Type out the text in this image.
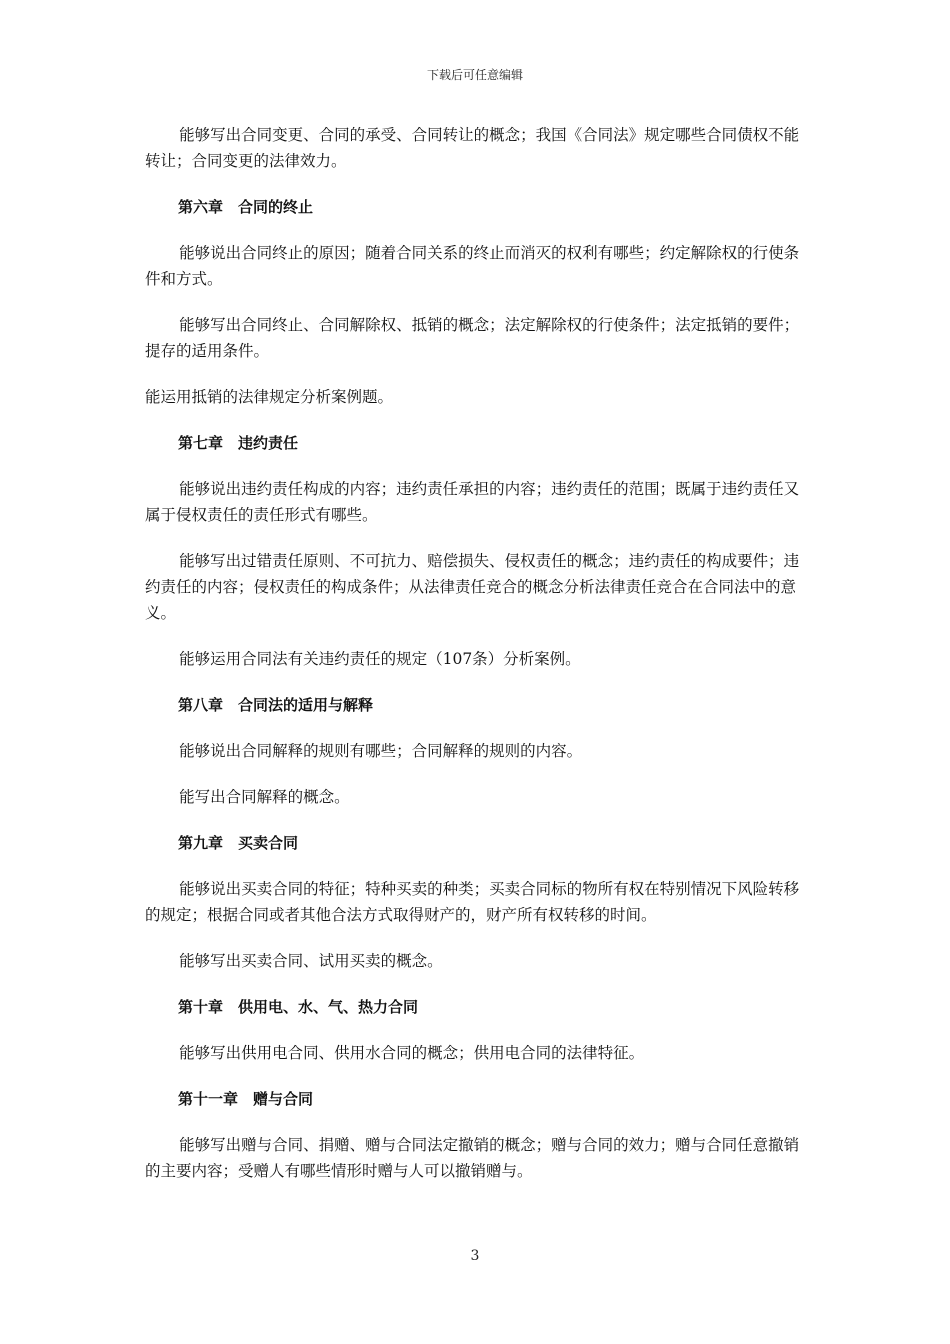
下载后可任意编辑

能够写出合同变更、合同的承受、合同转让的概念；我国《合同法》规定哪些合同债权不能转让；合同变更的法律效力。

第六章　合同的终止

能够说出合同终止的原因；随着合同关系的终止而消灭的权利有哪些；约定解除权的行使条件和方式。

能够写出合同终止、合同解除权、抵销的概念；法定解除权的行使条件；法定抵销的要件；提存的适用条件。

能运用抵销的法律规定分析案例题。

第七章　违约责任

能够说出违约责任构成的内容；违约责任承担的内容；违约责任的范围；既属于违约责任又属于侵权责任的责任形式有哪些。

能够写出过错责任原则、不可抗力、赔偿损失、侵权责任的概念；违约责任的构成要件；违约责任的内容；侵权责任的构成条件；从法律责任竞合的概念分析法律责任竞合在合同法中的意义。

能够运用合同法有关违约责任的规定（107条）分析案例。

第八章　合同法的适用与解释

能够说出合同解释的规则有哪些；合同解释的规则的内容。

能写出合同解释的概念。

第九章　买卖合同

能够说出买卖合同的特征；特种买卖的种类；买卖合同标的物所有权在特别情况下风险转移的规定；根据合同或者其他合法方式取得财产的，财产所有权转移的时间。

能够写出买卖合同、试用买卖的概念。

第十章　供用电、水、气、热力合同

能够写出供用电合同、供用水合同的概念；供用电合同的法律特征。

第十一章　赠与合同

能够写出赠与合同、捐赠、赠与合同法定撤销的概念；赠与合同的效力；赠与合同任意撤销的主要内容；受赠人有哪些情形时赠与人可以撤销赠与。

3
